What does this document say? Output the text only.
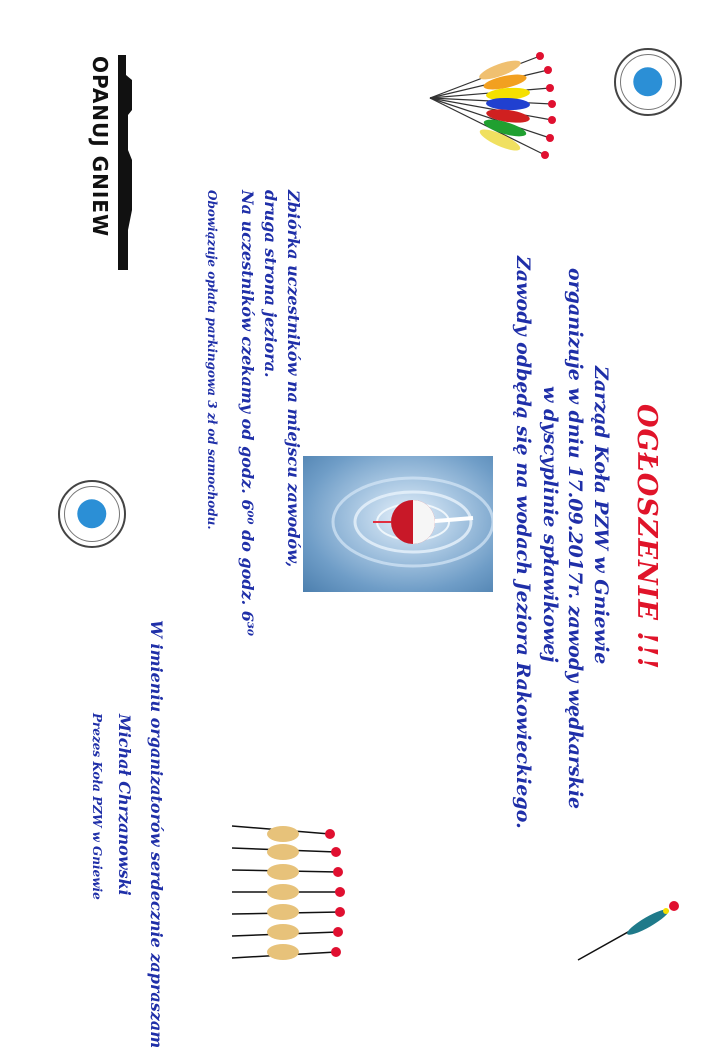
OGŁOSZENIE !!!
Zarząd Koła PZW w Gniewie
organizuje w dniu 17.09.2017r. zawody wędkarskie
w dyscyplinie spławikowej
Zawody odbędą się na wodach Jeziora Rakowieckiego.
Zbiórka uczestników na miejscu zawodów,
druga strona jeziora.
Na uczestników czekamy od godz. 6⁰⁰ do godz. 6³⁰
Obowiązuje opłata parkingowa 3 zł od samochodu.
W imieniu organizatorów serdecznie zapraszam
Michał Chrzanowski
Prezes Koła PZW w Gniewie
OPANUJ GNIEW
